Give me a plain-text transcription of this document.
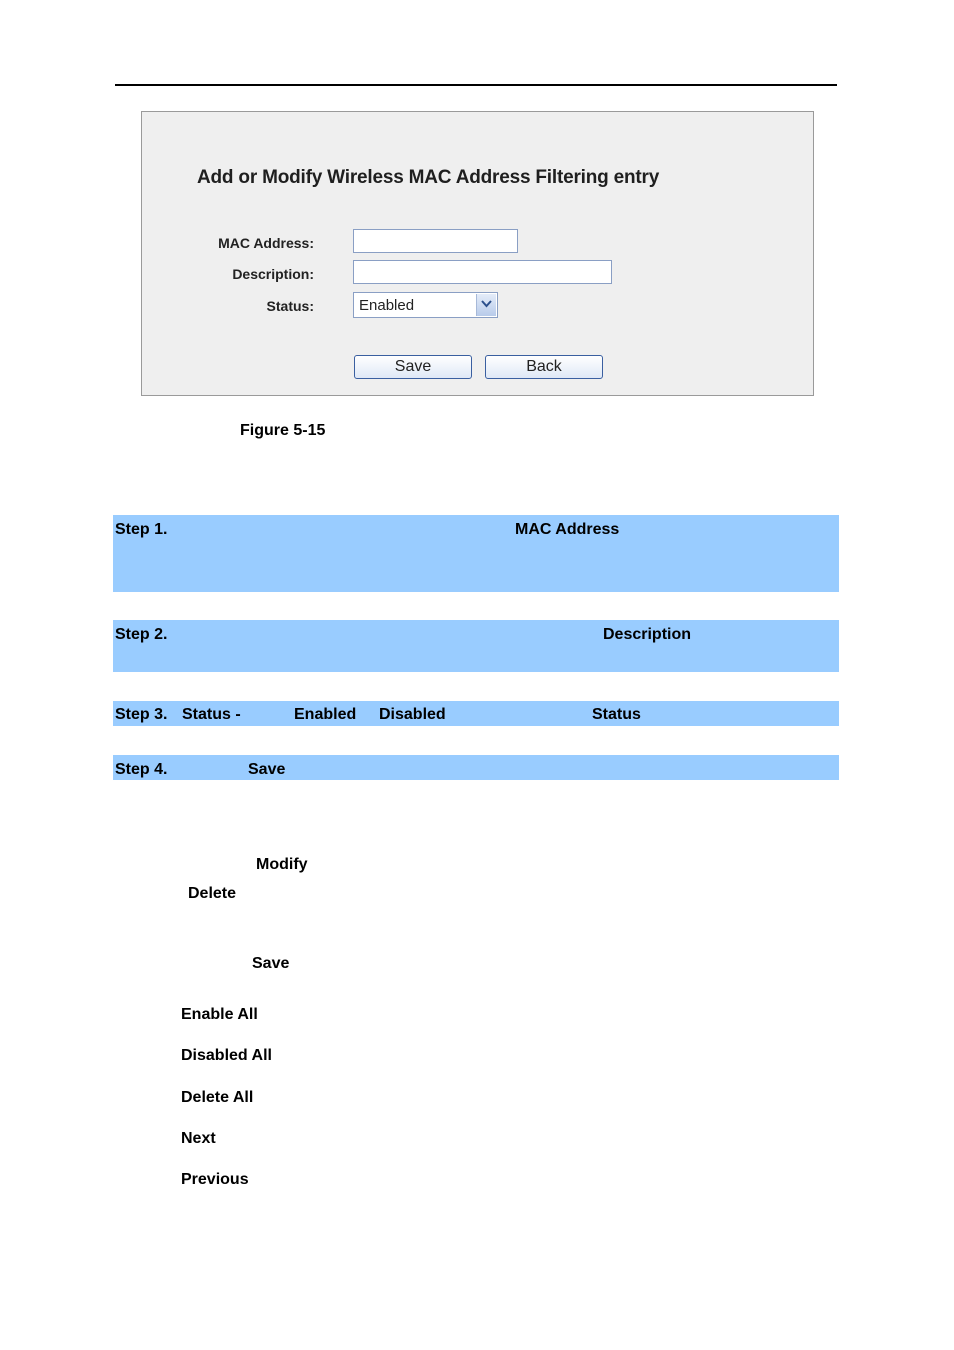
Add or Modify Wireless MAC Address Filtering entry
MAC Address:
Description:
Status:	Enabled
Save	Back
Figure 5-15
Step 1.	MAC Address
Step 2.	Description
Step 3. Status -	Enabled Disabled	Status
Step 4.	Save
Modify
Delete
Save
Enable All
Disabled All
Delete All
Next
Previous
